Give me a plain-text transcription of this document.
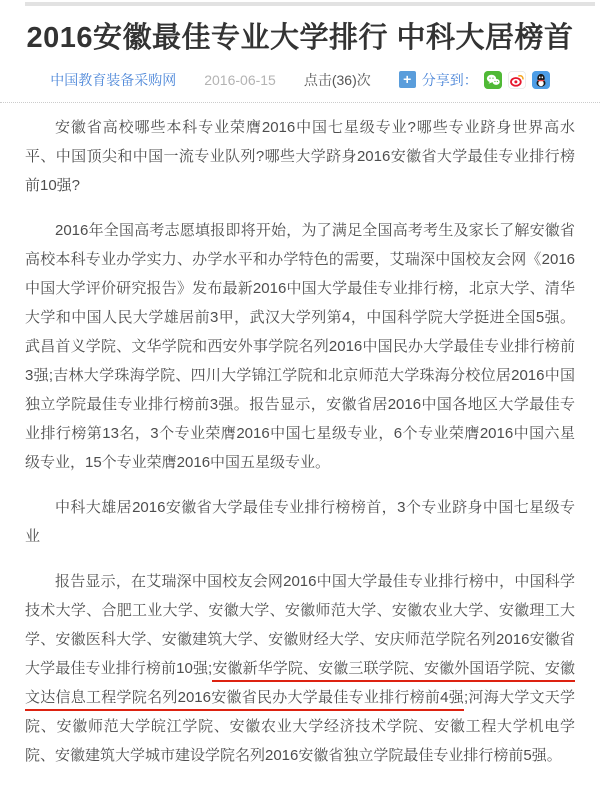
2016安徽最佳专业大学排行 中科大居榜首
中国教育装备采购网 2016-06-15 点击(36)次	+ 分享到：

安徽省高校哪些本科专业荣膺2016中国七星级专业?哪些专业跻身世界高水平、中国顶尖和中国一流专业队列?哪些大学跻身2016安徽省大学最佳专业排行榜前10强?

2016年全国高考志愿填报即将开始，为了满足全国高考考生及家长了解安徽省高校本科专业办学实力、办学水平和办学特色的需要，艾瑞深中国校友会网《2016中国大学评价研究报告》发布最新2016中国大学最佳专业排行榜，北京大学、清华大学和中国人民大学雄居前3甲，武汉大学列第4，中国科学院大学挺进全国5强。武昌首义学院、文华学院和西安外事学院名列2016中国民办大学最佳专业排行榜前3强;吉林大学珠海学院、四川大学锦江学院和北京师范大学珠海分校位居2016中国独立学院最佳专业排行榜前3强。报告显示，安徽省居2016中国各地区大学最佳专业排行榜第13名，3个专业荣膺2016中国七星级专业，6个专业荣膺2016中国六星级专业，15个专业荣膺2016中国五星级专业。

中科大雄居2016安徽省大学最佳专业排行榜榜首，3个专业跻身中国七星级专业

报告显示，在艾瑞深中国校友会网2016中国大学最佳专业排行榜中，中国科学技术大学、合肥工业大学、安徽大学、安徽师范大学、安徽农业大学、安徽理工大学、安徽医科大学、安徽建筑大学、安徽财经大学、安庆师范学院名列2016安徽省大学最佳专业排行榜前10强;安徽新华学院、安徽三联学院、安徽外国语学院、安徽文达信息工程学院名列2016安徽省民办大学最佳专业排行榜前4强;河海大学文天学院、安徽师范大学皖江学院、安徽农业大学经济技术学院、安徽工程大学机电学院、安徽建筑大学城市建设学院名列2016安徽省独立学院最佳专业排行榜前5强。
